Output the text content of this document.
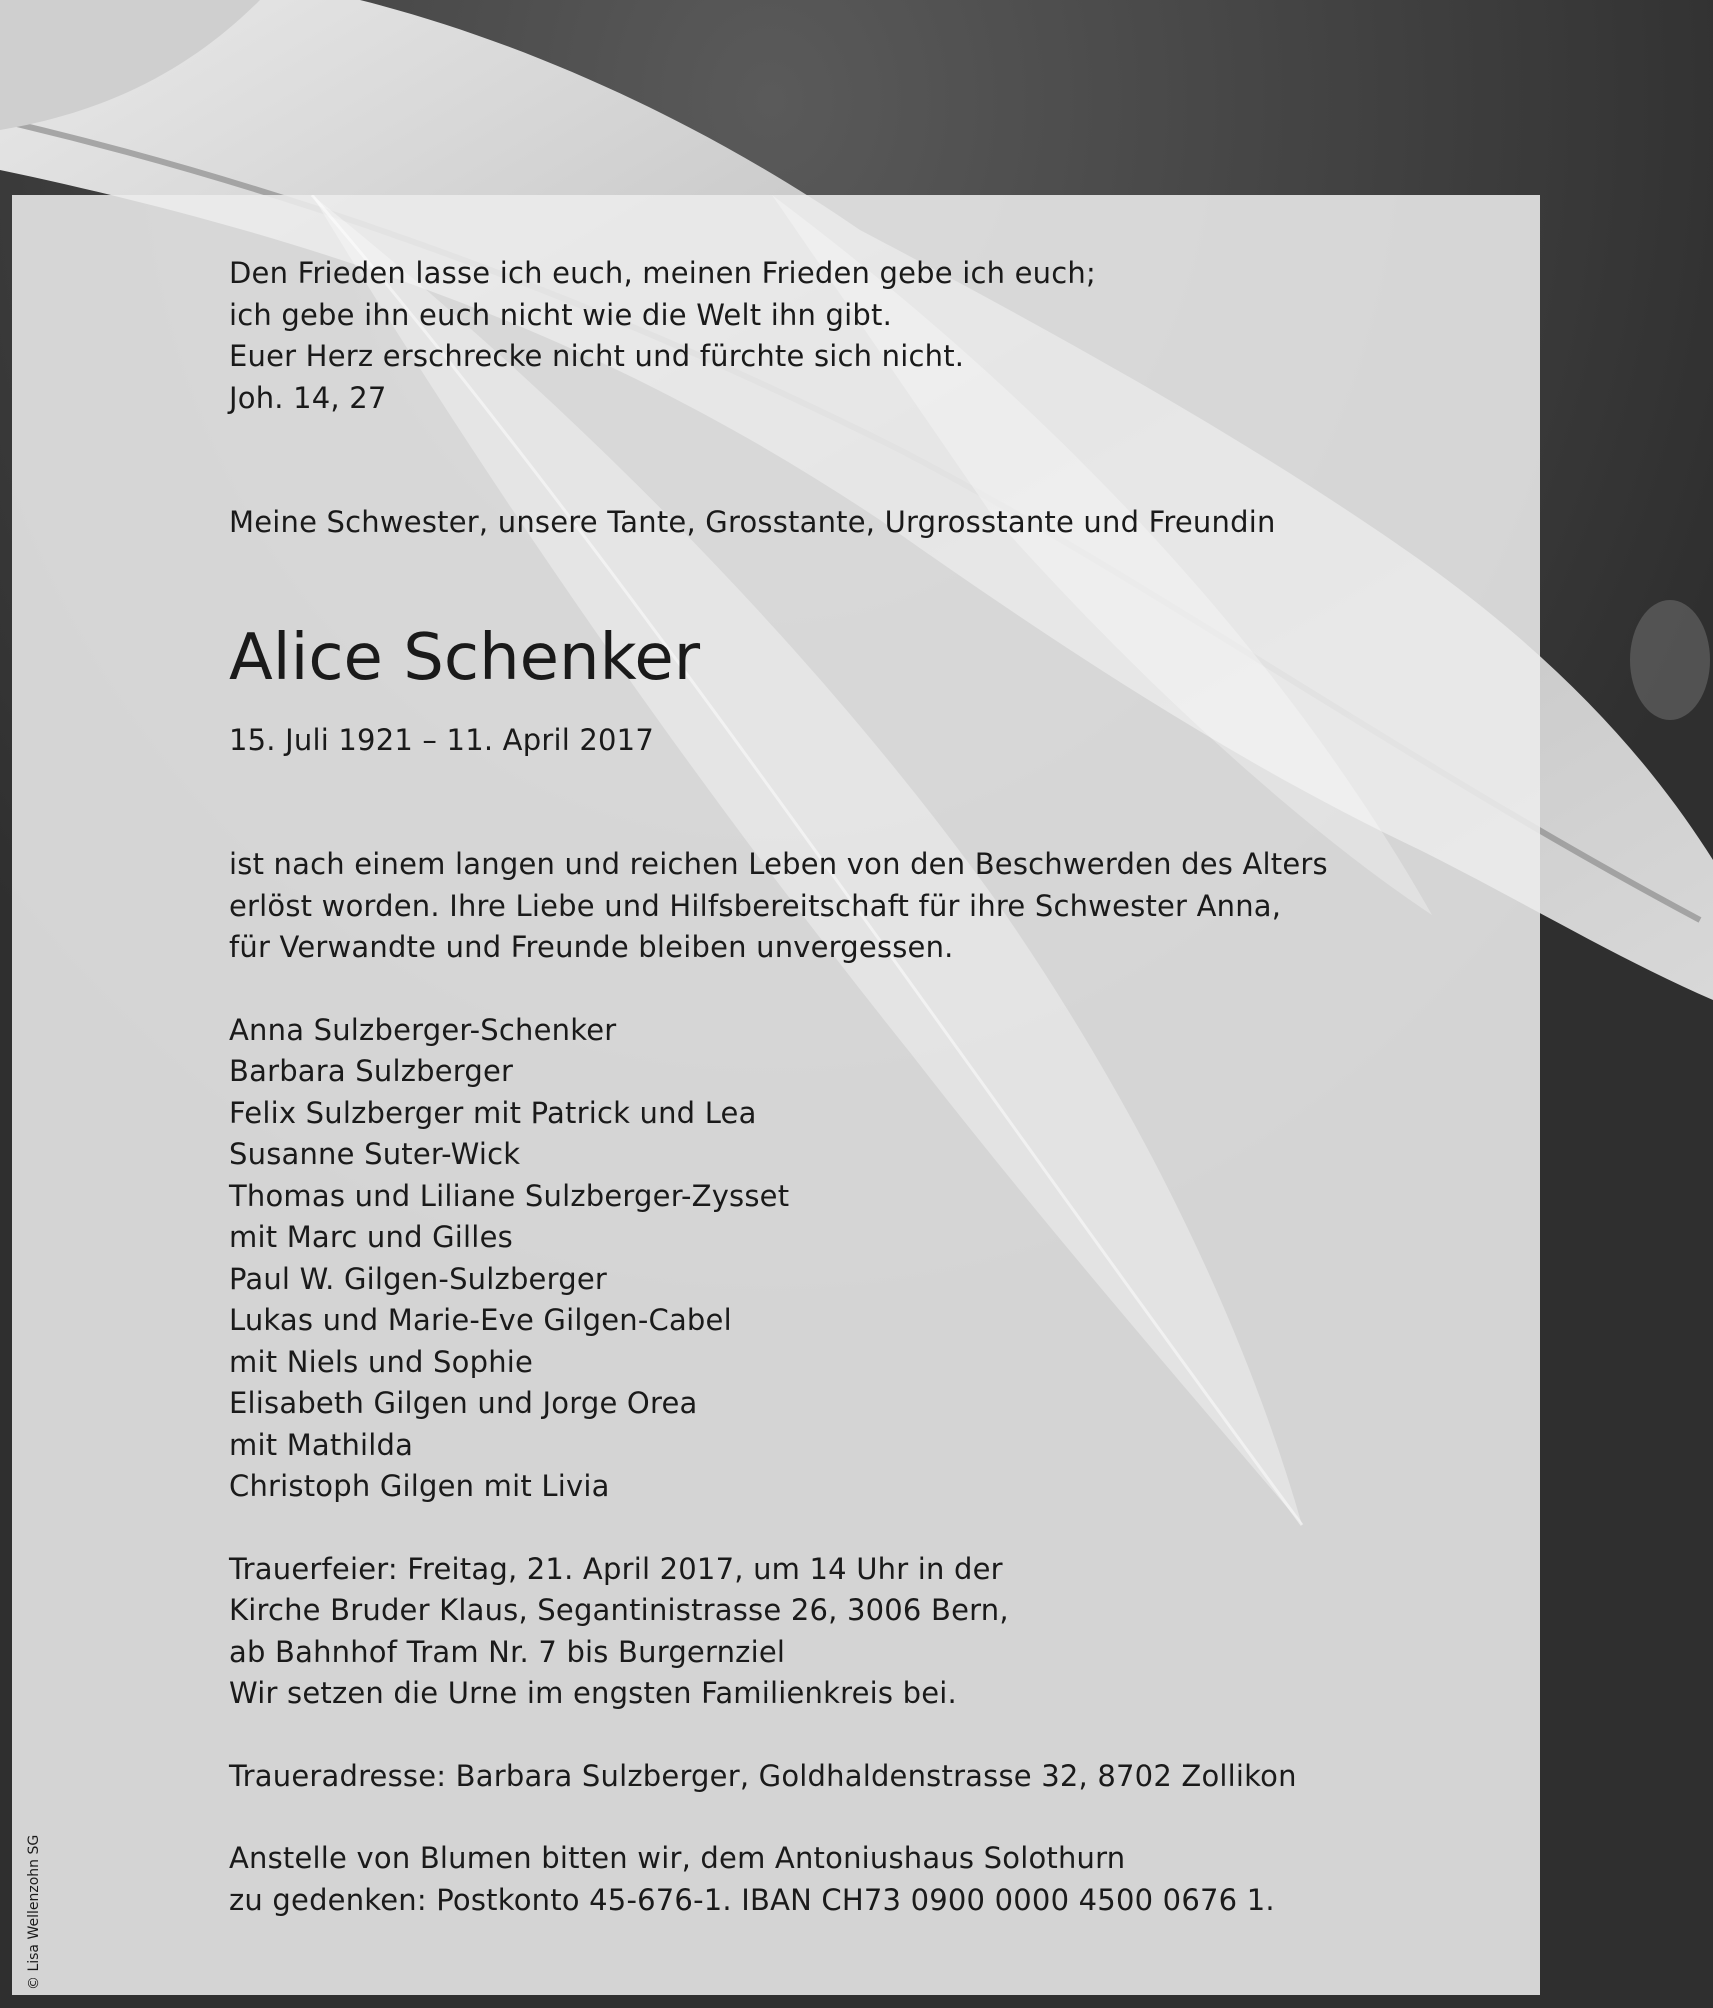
Den Frieden lasse ich euch, meinen Frieden gebe ich euch;
ich gebe ihn euch nicht wie die Welt ihn gibt.
Euer Herz erschrecke nicht und fürchte sich nicht.
Joh. 14, 27
Meine Schwester, unsere Tante, Grosstante, Urgrosstante und Freundin
Alice Schenker
15. Juli 1921 – 11. April 2017
ist nach einem langen und reichen Leben von den Beschwerden des Alters
erlöst worden. Ihre Liebe und Hilfsbereitschaft für ihre Schwester Anna,
für Verwandte und Freunde bleiben unvergessen.
Anna Sulzberger-Schenker
Barbara Sulzberger
Felix Sulzberger mit Patrick und Lea
Susanne Suter-Wick
Thomas und Liliane Sulzberger-Zysset
mit Marc und Gilles
Paul W. Gilgen-Sulzberger
Lukas und Marie-Eve Gilgen-Cabel
mit Niels und Sophie
Elisabeth Gilgen und Jorge Orea
mit Mathilda
Christoph Gilgen mit Livia
Trauerfeier: Freitag, 21. April 2017, um 14 Uhr in der
Kirche Bruder Klaus, Segantinistrasse 26, 3006 Bern,
ab Bahnhof Tram Nr. 7 bis Burgernziel
Wir setzen die Urne im engsten Familienkreis bei.
Traueradresse: Barbara Sulzberger, Goldhaldenstrasse 32, 8702 Zollikon
Anstelle von Blumen bitten wir, dem Antoniushaus Solothurn
zu gedenken: Postkonto 45-676-1. IBAN CH73 0900 0000 4500 0676 1.
© Lisa Wellenzohn SG
